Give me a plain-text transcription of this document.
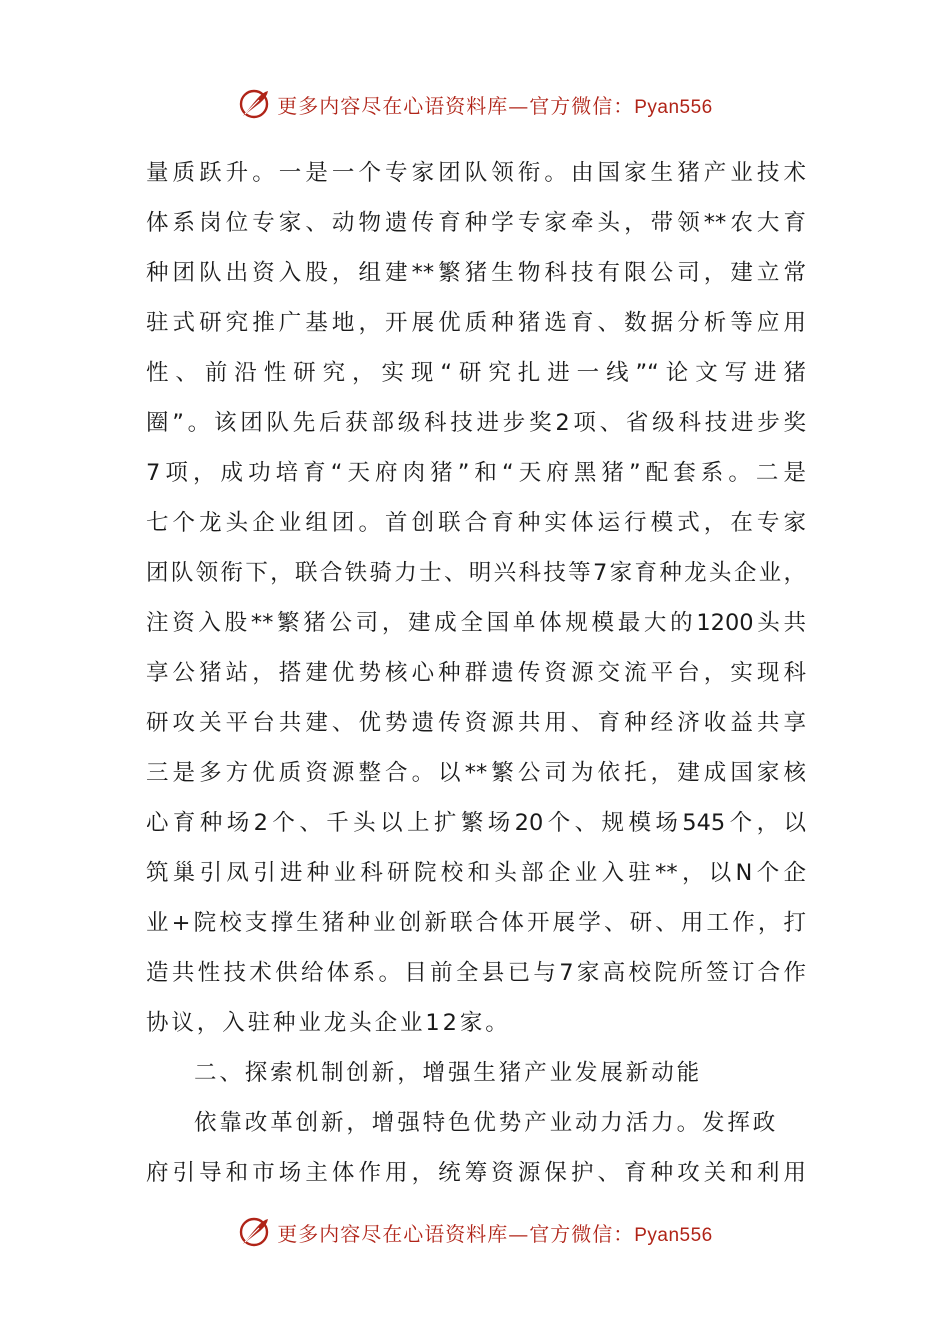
更多内容尽在心语资料库—官方微信：Pyan556
量质跃升。一是一个专家团队领衔。由国家生猪产业技术
体系岗位专家、动物遗传育种学专家牵头，带领**农大育
种团队出资入股，组建**繁猪生物科技有限公司，建立常
驻式研究推广基地，开展优质种猪选育、数据分析等应用
性、前沿性研究，实现“研究扎进一线”“论文写进猪
圈”。该团队先后获部级科技进步奖2项、省级科技进步奖
7项，成功培育“天府肉猪”和“天府黑猪”配套系。二是
七个龙头企业组团。首创联合育种实体运行模式，在专家
团队领衔下，联合铁骑力士、明兴科技等7家育种龙头企业，
注资入股**繁猪公司，建成全国单体规模最大的1200头共
享公猪站，搭建优势核心种群遗传资源交流平台，实现科
研攻关平台共建、优势遗传资源共用、育种经济收益共享
三是多方优质资源整合。以**繁公司为依托，建成国家核
心育种场2个、千头以上扩繁场20个、规模场545个，以
筑巢引凤引进种业科研院校和头部企业入驻**，以N个企
业+院校支撑生猪种业创新联合体开展学、研、用工作，打
造共性技术供给体系。目前全县已与7家高校院所签订合作
协议，入驻种业龙头企业12家。
二、探索机制创新，增强生猪产业发展新动能
依靠改革创新，增强特色优势产业动力活力。发挥政
府引导和市场主体作用，统筹资源保护、育种攻关和利用
更多内容尽在心语资料库—官方微信：Pyan556
